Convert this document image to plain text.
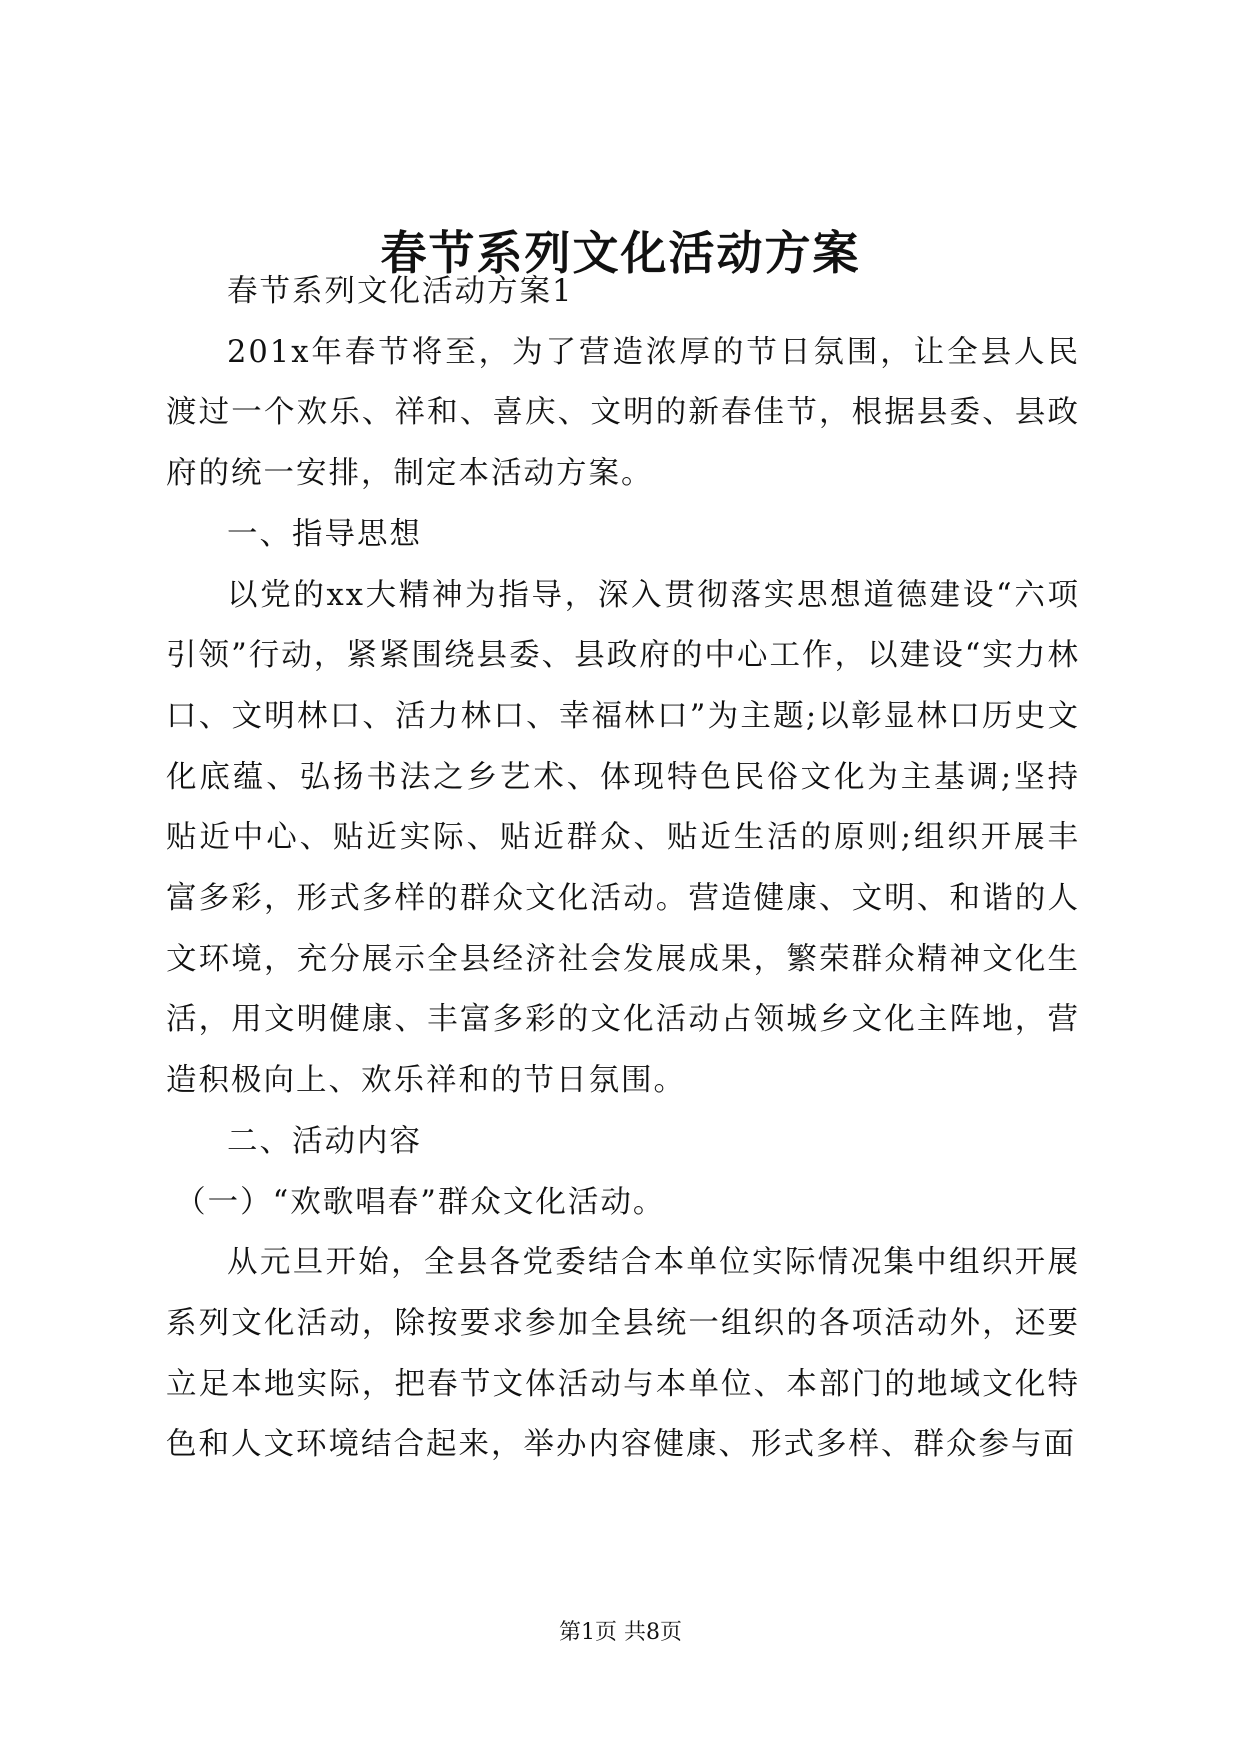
春节系列文化活动方案

春节系列文化活动方案1

201x年春节将至，为了营造浓厚的节日氛围，让全县人民渡过一个欢乐、祥和、喜庆、文明的新春佳节，根据县委、县政府的统一安排，制定本活动方案。

一、指导思想

以党的xx大精神为指导，深入贯彻落实思想道德建设“六项引领”行动，紧紧围绕县委、县政府的中心工作，以建设“实力林口、文明林口、活力林口、幸福林口”为主题;以彰显林口历史文化底蕴、弘扬书法之乡艺术、体现特色民俗文化为主基调;坚持贴近中心、贴近实际、贴近群众、贴近生活的原则;组织开展丰富多彩，形式多样的群众文化活动。营造健康、文明、和谐的人文环境，充分展示全县经济社会发展成果，繁荣群众精神文化生活，用文明健康、丰富多彩的文化活动占领城乡文化主阵地，营造积极向上、欢乐祥和的节日氛围。

二、活动内容

（一）“欢歌唱春”群众文化活动。

从元旦开始，全县各党委结合本单位实际情况集中组织开展系列文化活动，除按要求参加全县统一组织的各项活动外，还要立足本地实际，把春节文体活动与本单位、本部门的地域文化特色和人文环境结合起来，举办内容健康、形式多样、群众参与面

第1页 共8页
